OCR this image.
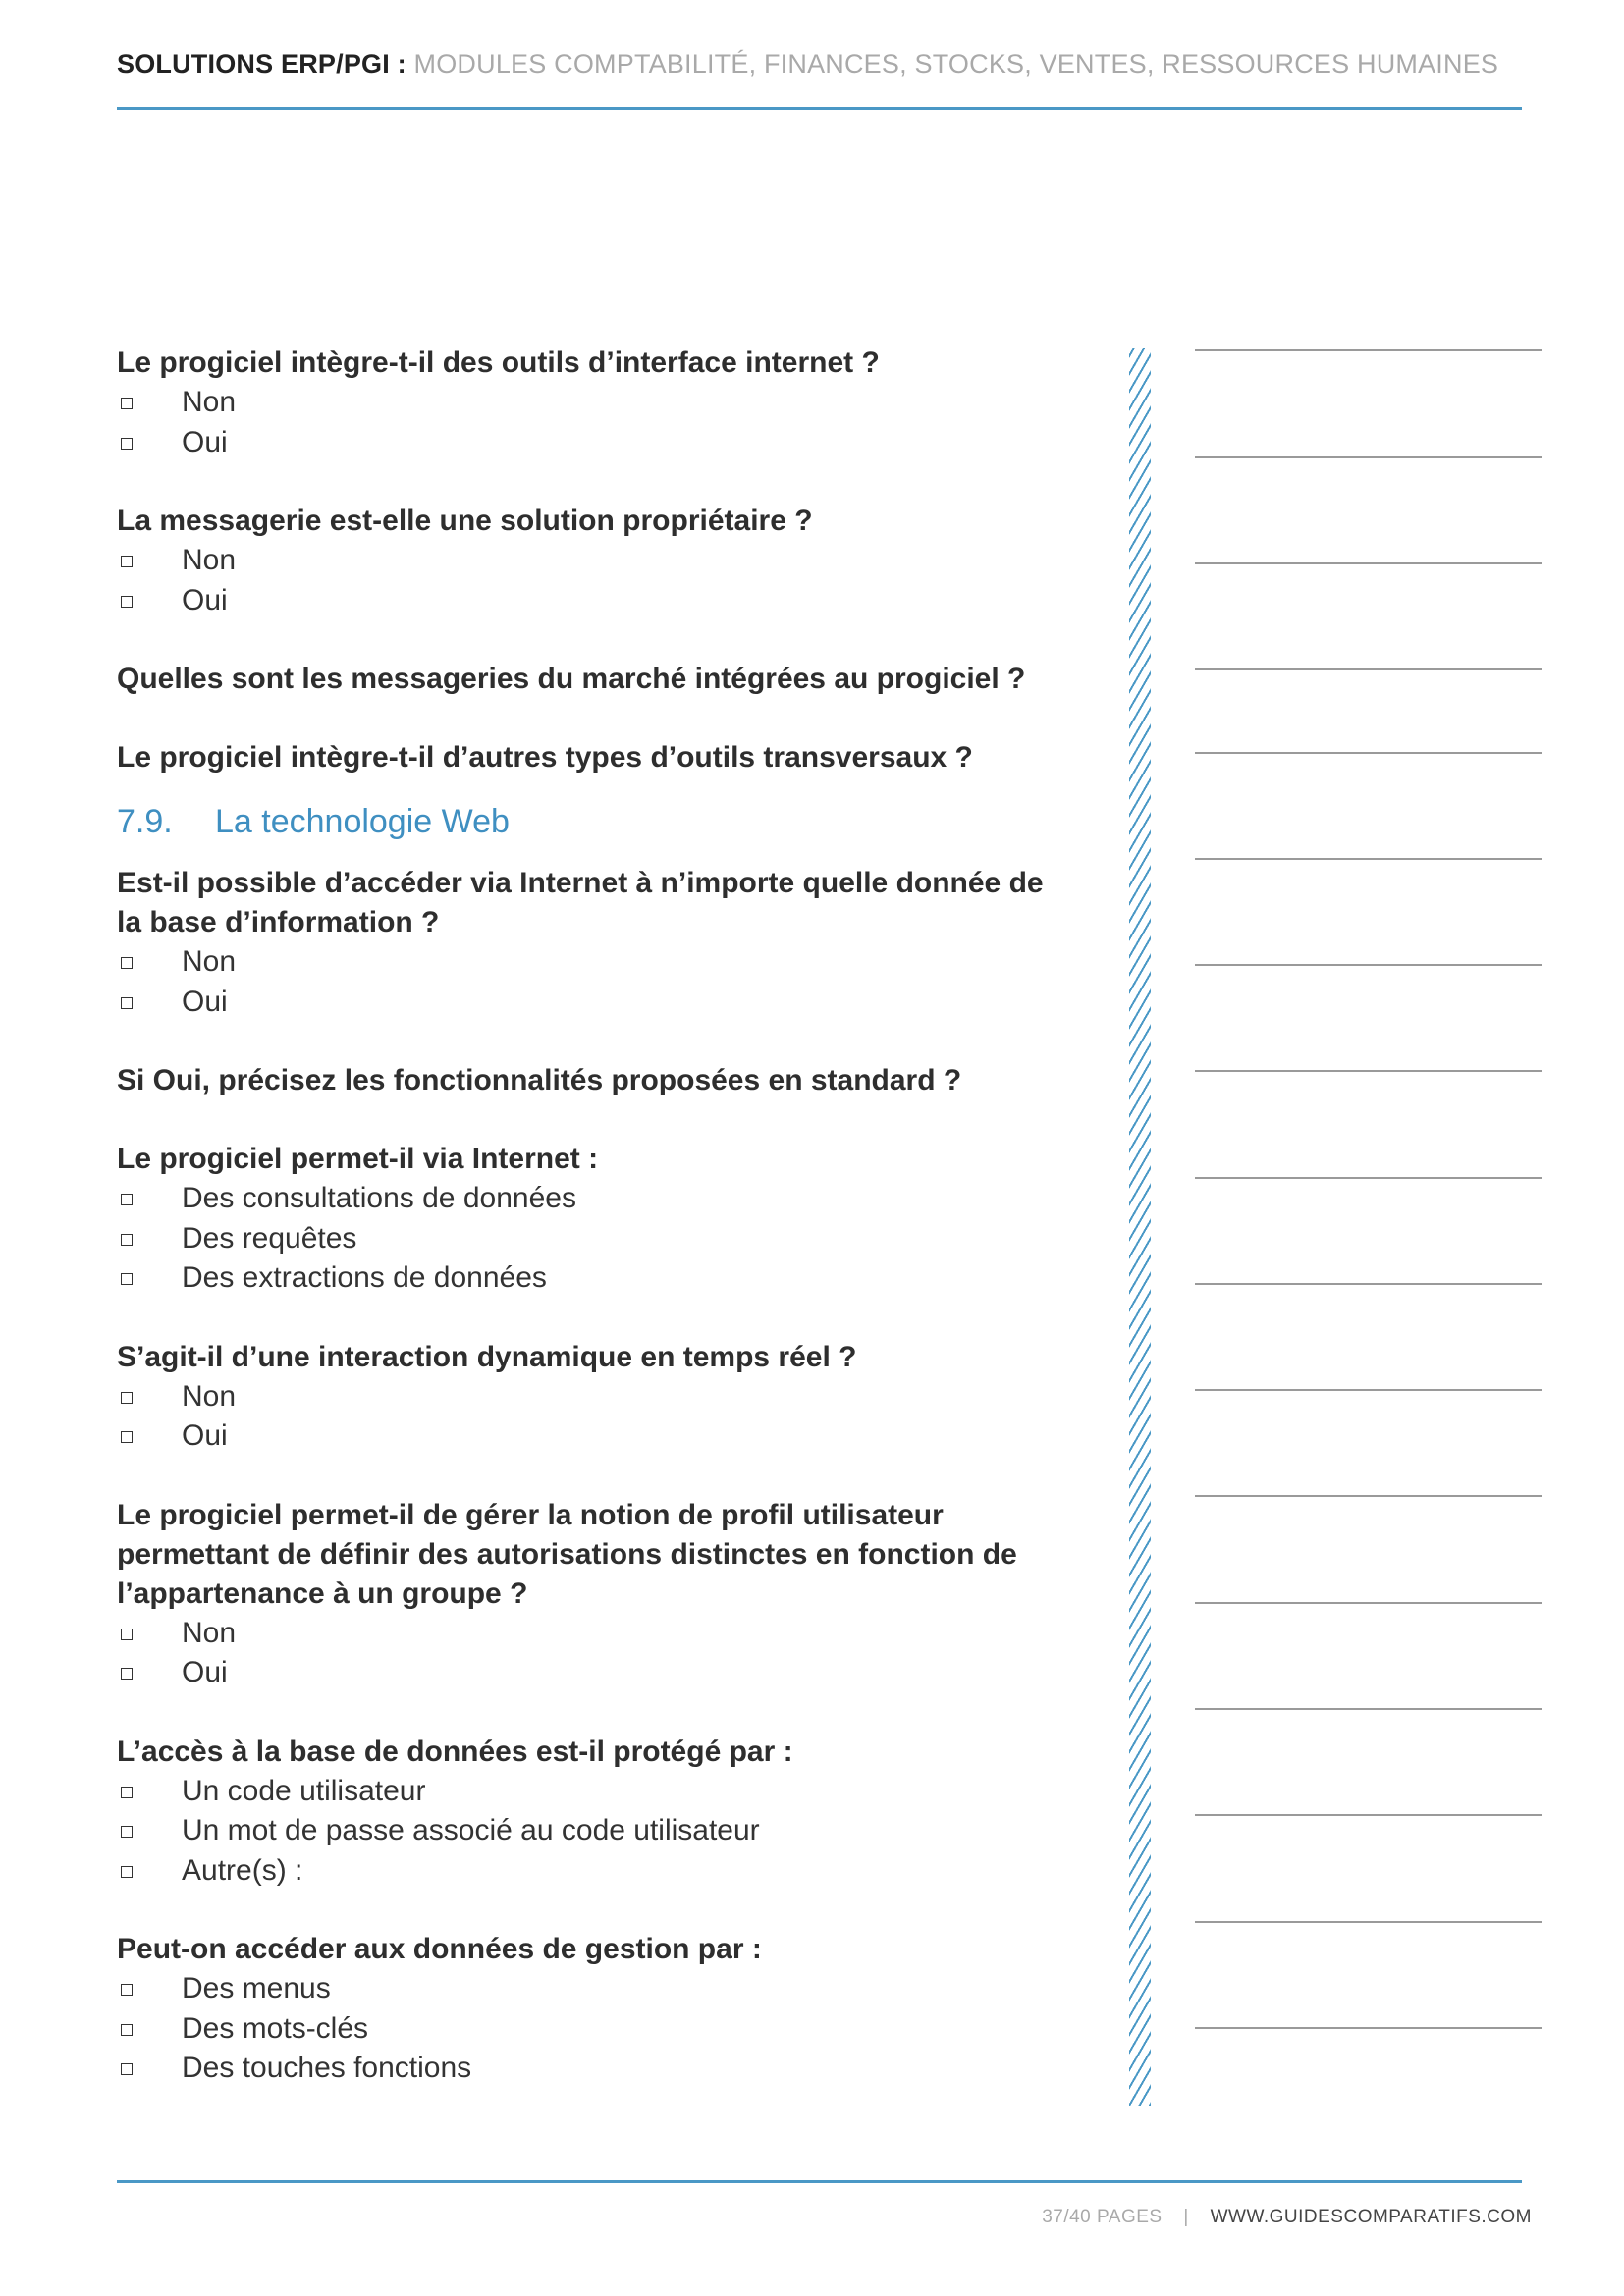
SOLUTIONS ERP/PGI : MODULES COMPTABILITÉ, FINANCES, STOCKS, VENTES, RESSOURCES HUMAINES

Le progiciel intègre-t-il des outils d’interface internet ?

Non
Oui

La messagerie est-elle une solution propriétaire ?

Non
Oui

Quelles sont les messageries du marché intégrées au progiciel ?

Le progiciel intègre-t-il d’autres types d’outils transversaux ?

7.9. La technologie Web

Est-il possible d’accéder via Internet à n’importe quelle donnée de la base d’information ?

Non
Oui

Si Oui, précisez les fonctionnalités proposées en standard ?

Le progiciel permet-il via Internet :

Des consultations de données
Des requêtes
Des extractions de données

S’agit-il d’une interaction dynamique en temps réel ?

Non
Oui

Le progiciel permet-il de gérer la notion de profil utilisateur permettant de définir des autorisations distinctes en fonction de l’appartenance à un groupe ?

Non
Oui

L’accès à la base de données est-il protégé par :

Un code utilisateur
Un mot de passe associé au code utilisateur
Autre(s) :

Peut-on accéder aux données de gestion par :

Des menus
Des mots-clés
Des touches fonctions
37/40 PAGES | WWW.GUIDESCOMPARATIFS.COM
